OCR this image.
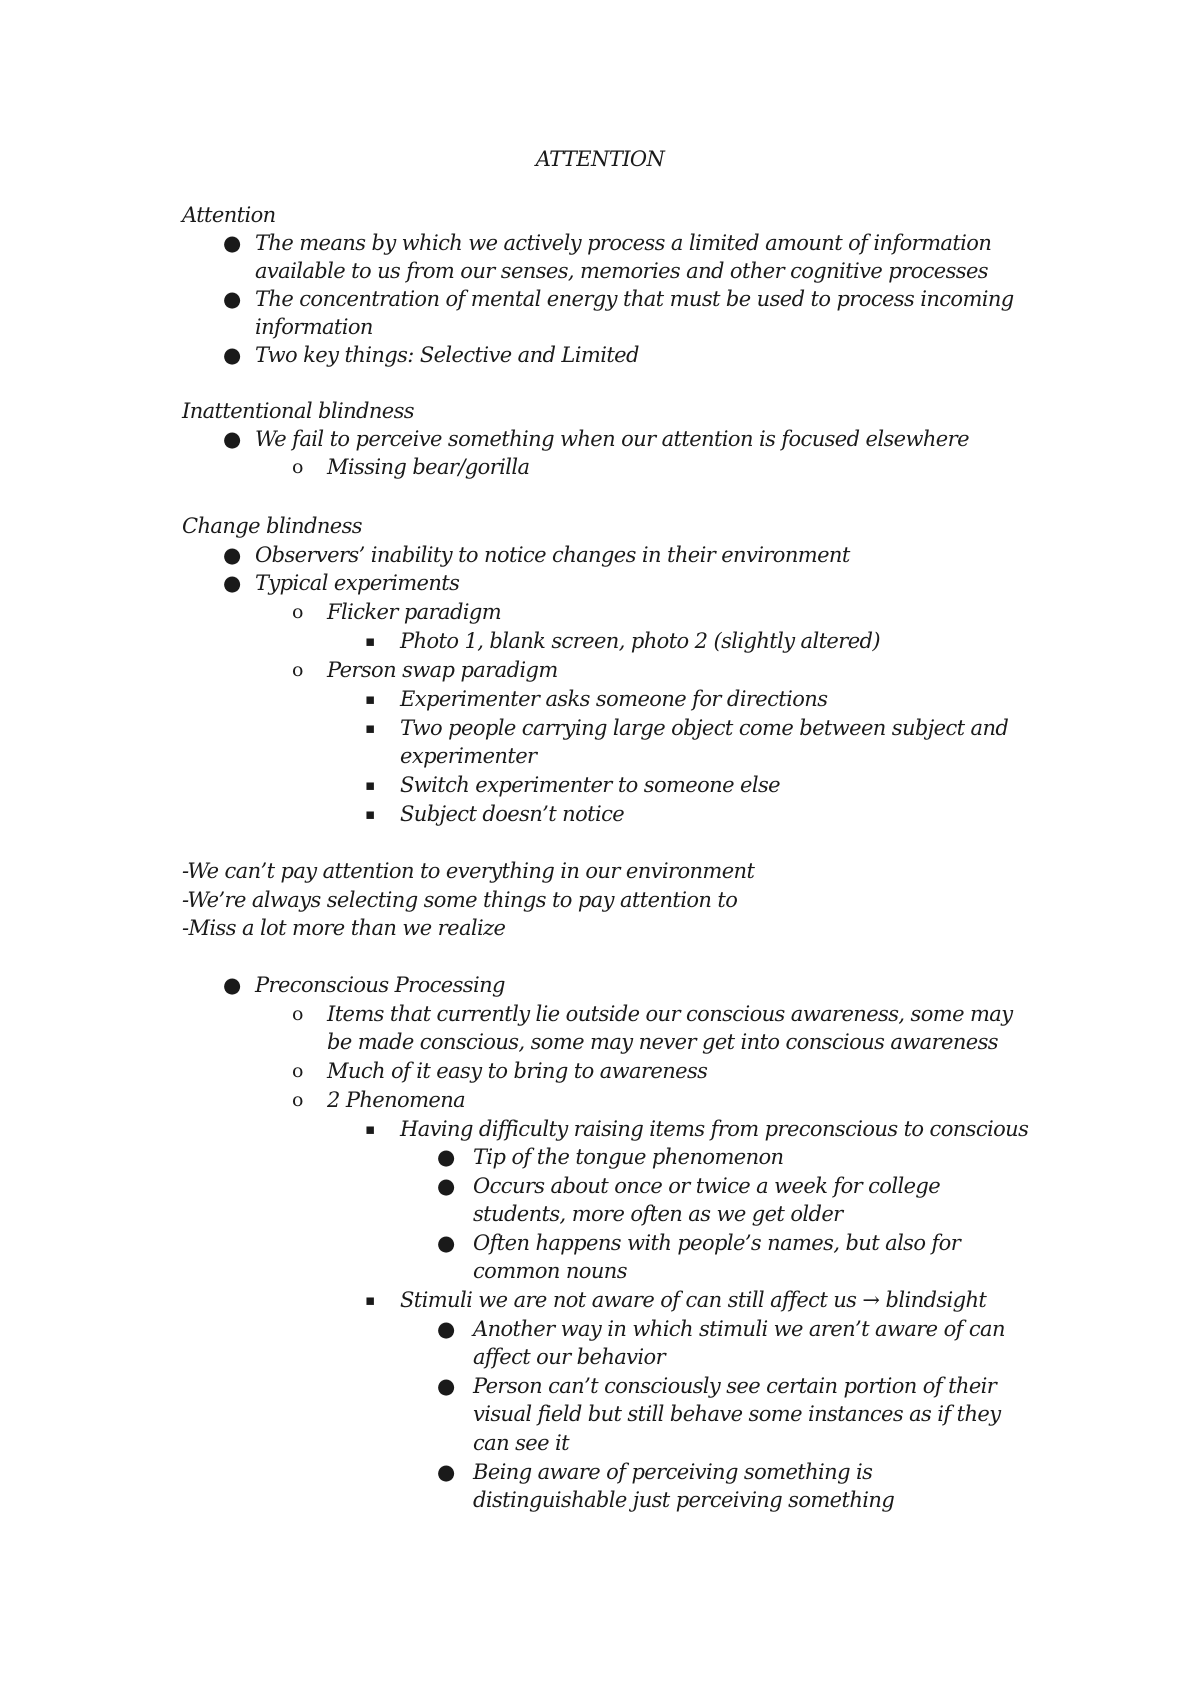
ATTENTION
Attention
● The means by which we actively process a limited amount of information
available to us from our senses, memories and other cognitive processes
● The concentration of mental energy that must be used to process incoming
information
● Two key things: Selective and Limited
Inattentional blindness
● We fail to perceive something when our attention is focused elsewhere
o Missing bear/gorilla
Change blindness
● Observers’ inability to notice changes in their environment
● Typical experiments
o Flicker paradigm
▪ Photo 1, blank screen, photo 2 (slightly altered)
o Person swap paradigm
▪ Experimenter asks someone for directions
▪ Two people carrying large object come between subject and
experimenter
▪ Switch experimenter to someone else
▪ Subject doesn’t notice
-We can’t pay attention to everything in our environment
-We’re always selecting some things to pay attention to
-Miss a lot more than we realize
● Preconscious Processing
o Items that currently lie outside our conscious awareness, some may
be made conscious, some may never get into conscious awareness
o Much of it easy to bring to awareness
o 2 Phenomena
▪ Having difficulty raising items from preconscious to conscious
● Tip of the tongue phenomenon
● Occurs about once or twice a week for college
students, more often as we get older
● Often happens with people’s names, but also for
common nouns
▪ Stimuli we are not aware of can still affect us → blindsight
● Another way in which stimuli we aren’t aware of can
affect our behavior
● Person can’t consciously see certain portion of their
visual field but still behave some instances as if they
can see it
● Being aware of perceiving something is
distinguishable just perceiving something
